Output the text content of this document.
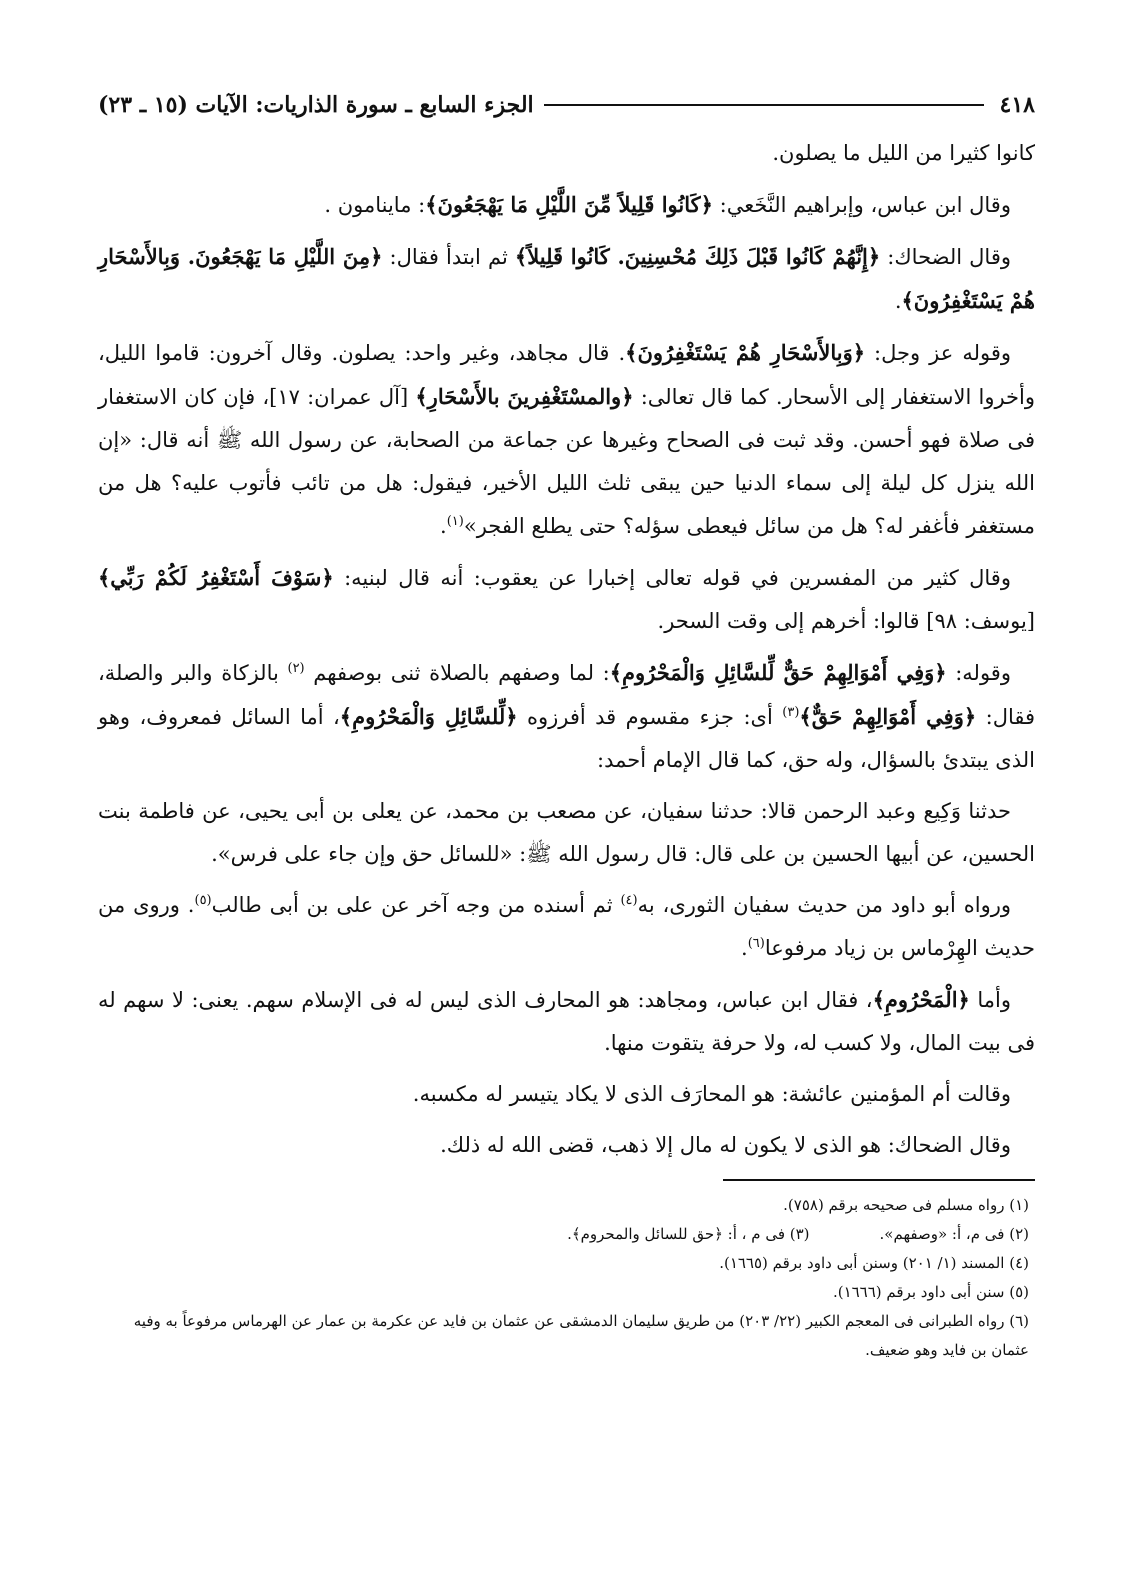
٤١٨
الجزء السابع ـ سورة الذاريات: الآيات (١٥ ـ ٢٣)

كانوا كثيرا من الليل ما يصلون.

وقال ابن عباس، وإبراهيم النَّخَعي: ﴿كَانُوا قَلِيلاً مِّنَ اللَّيْلِ مَا يَهْجَعُونَ﴾: ماينامون .

وقال الضحاك: ﴿إِنَّهُمْ كَانُوا قَبْلَ ذَلِكَ مُحْسِنِينَ. كَانُوا قَلِيلاً﴾ ثم ابتدأ فقال: ﴿مِنَ اللَّيْلِ مَا يَهْجَعُونَ. وَبِالأَسْحَارِ هُمْ يَسْتَغْفِرُونَ﴾.

وقوله عز وجل: ﴿وَبِالأَسْحَارِ هُمْ يَسْتَغْفِرُونَ﴾. قال مجاهد، وغير واحد: يصلون. وقال آخرون: قاموا الليل، وأخروا الاستغفار إلى الأسحار. كما قال تعالى: ﴿والمسْتَغْفِرينَ بالأَسْحَارِ﴾ [آل عمران: ١٧]، فإن كان الاستغفار فى صلاة فهو أحسن. وقد ثبت فى الصحاح وغيرها عن جماعة من الصحابة، عن رسول الله ﷺ أنه قال: «إن الله ينزل كل ليلة إلى سماء الدنيا حين يبقى ثلث الليل الأخير، فيقول: هل من تائب فأتوب عليه؟ هل من مستغفر فأغفر له؟ هل من سائل فيعطى سؤله؟ حتى يطلع الفجر»$^{(١)}$.

وقال كثير من المفسرين في قوله تعالى إخبارا عن يعقوب: أنه قال لبنيه: ﴿سَوْفَ أَسْتَغْفِرُ لَكُمْ رَبِّي﴾ [يوسف: ٩٨] قالوا: أخرهم إلى وقت السحر.

وقوله: ﴿وَفِي أَمْوَالِهِمْ حَقٌّ لِّلسَّائِلِ وَالْمَحْرُومِ﴾: لما وصفهم بالصلاة ثنى بوصفهم $^{(٢)}$ بالزكاة والبر والصلة، فقال: ﴿وَفِي أَمْوَالِهِمْ حَقٌّ﴾$^{(٣)}$ أى: جزء مقسوم قد أفرزوه ﴿لِّلسَّائِلِ وَالْمَحْرُومِ﴾، أما السائل فمعروف، وهو الذى يبتدئ بالسؤال، وله حق، كما قال الإمام أحمد:

حدثنا وَكِيع وعبد الرحمن قالا: حدثنا سفيان، عن مصعب بن محمد، عن يعلى بن أبى يحيى، عن فاطمة بنت الحسين، عن أبيها الحسين بن على قال: قال رسول الله ﷺ: «للسائل حق وإن جاء على فرس».

ورواه أبو داود من حديث سفيان الثورى، به$^{(٤)}$ ثم أسنده من وجه آخر عن على بن أبى طالب$^{(٥)}$. وروى من حديث الهِرْماس بن زياد مرفوعا$^{(٦)}$.

وأما ﴿الْمَحْرُومِ﴾، فقال ابن عباس، ومجاهد: هو المحارف الذى ليس له فى الإسلام سهم. يعنى: لا سهم له فى بيت المال، ولا كسب له، ولا حرفة يتقوت منها.

وقالت أم المؤمنين عائشة: هو المحارَف الذى لا يكاد يتيسر له مكسبه.

وقال الضحاك: هو الذى لا يكون له مال إلا ذهب، قضى الله له ذلك.

(١) رواه مسلم فى صحيحه برقم (٧٥٨).

(٢) فى م، أ: «وصفهم».
(٣) فى م ، أ: ﴿حق للسائل والمحروم﴾.

(٤) المسند (١/ ٢٠١) وسنن أبى داود برقم (١٦٦٥).

(٥) سنن أبى داود برقم (١٦٦٦).

(٦) رواه الطبرانى فى المعجم الكبير (٢٢/ ٢٠٣) من طريق سليمان الدمشقى عن عثمان بن فايد عن عكرمة بن عمار عن الهرماس مرفوعاً به وفيه عثمان بن فايد وهو ضعيف.
